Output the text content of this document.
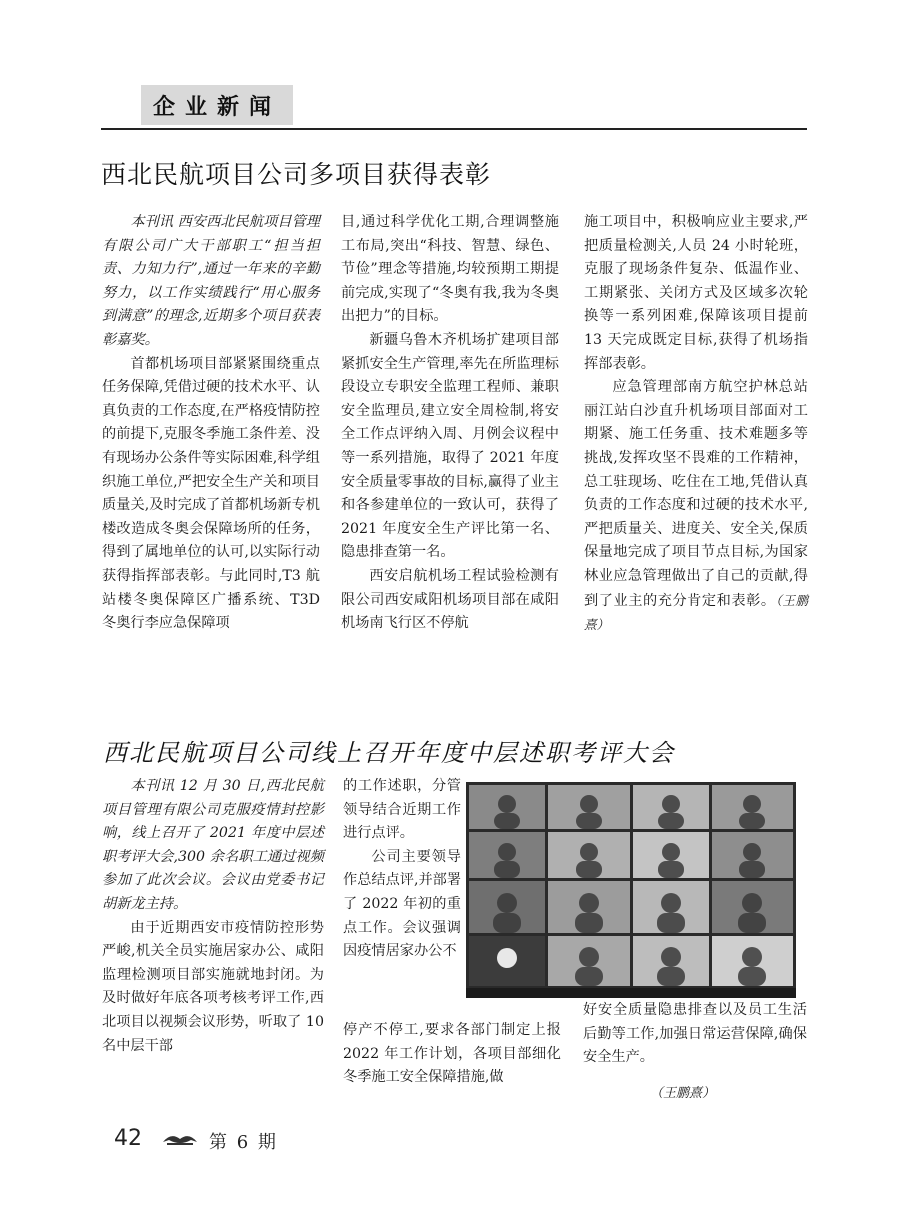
企业新闻
西北民航项目公司多项目获得表彰

本刊讯 西安西北民航项目管理有限公司广大干部职工“担当担责、力知力行”,通过一年来的辛勤努力，以工作实绩践行“用心服务到满意”的理念,近期多个项目获表彰嘉奖。

首都机场项目部紧紧围绕重点任务保障,凭借过硬的技术水平、认真负责的工作态度,在严格疫情防控的前提下,克服冬季施工条件差、没有现场办公条件等实际困难,科学组织施工单位,严把安全生产关和项目质量关,及时完成了首都机场新专机楼改造成冬奥会保障场所的任务，得到了属地单位的认可,以实际行动获得指挥部表彰。与此同时,T3 航站楼冬奥保障区广播系统、T3D 冬奥行李应急保障项

目,通过科学优化工期,合理调整施工布局,突出“科技、智慧、绿色、节俭”理念等措施,均较预期工期提前完成,实现了“冬奥有我,我为冬奥出把力”的目标。

新疆乌鲁木齐机场扩建项目部紧抓安全生产管理,率先在所监理标段设立专职安全监理工程师、兼职安全监理员,建立安全周检制,将安全工作点评纳入周、月例会议程中等一系列措施，取得了 2021 年度安全质量零事故的目标,赢得了业主和各参建单位的一致认可，获得了 2021 年度安全生产评比第一名、隐患排查第一名。

西安启航机场工程试验检测有限公司西安咸阳机场项目部在咸阳机场南飞行区不停航

施工项目中，积极响应业主要求,严把质量检测关,人员 24 小时轮班，克服了现场条件复杂、低温作业、工期紧张、关闭方式及区域多次轮换等一系列困难,保障该项目提前 13 天完成既定目标,获得了机场指挥部表彰。

应急管理部南方航空护林总站丽江站白沙直升机场项目部面对工期紧、施工任务重、技术难题多等挑战,发挥攻坚不畏难的工作精神，总工驻现场、吃住在工地,凭借认真负责的工作态度和过硬的技术水平,严把质量关、进度关、安全关,保质保量地完成了项目节点目标,为国家林业应急管理做出了自己的贡献,得到了业主的充分肯定和表彰。（王鹏熹）

西北民航项目公司线上召开年度中层述职考评大会

本刊讯 12 月 30 日,西北民航项目管理有限公司克服疫情封控影响，线上召开了 2021 年度中层述职考评大会,300 余名职工通过视频参加了此次会议。会议由党委书记胡新龙主持。

由于近期西安市疫情防控形势严峻,机关全员实施居家办公、咸阳监理检测项目部实施就地封闭。为及时做好年底各项考核考评工作,西北项目以视频会议形势，听取了 10 名中层干部

的工作述职，分管领导结合近期工作进行点评。

公司主要领导作总结点评,并部署了 2022 年初的重点工作。会议强调因疫情居家办公不

停产不停工,要求各部门制定上报 2022 年工作计划，各项目部细化冬季施工安全保障措施,做

好安全质量隐患排查以及员工生活后勤等工作,加强日常运营保障,确保安全生产。

（王鹏熹）
42	第 6 期
